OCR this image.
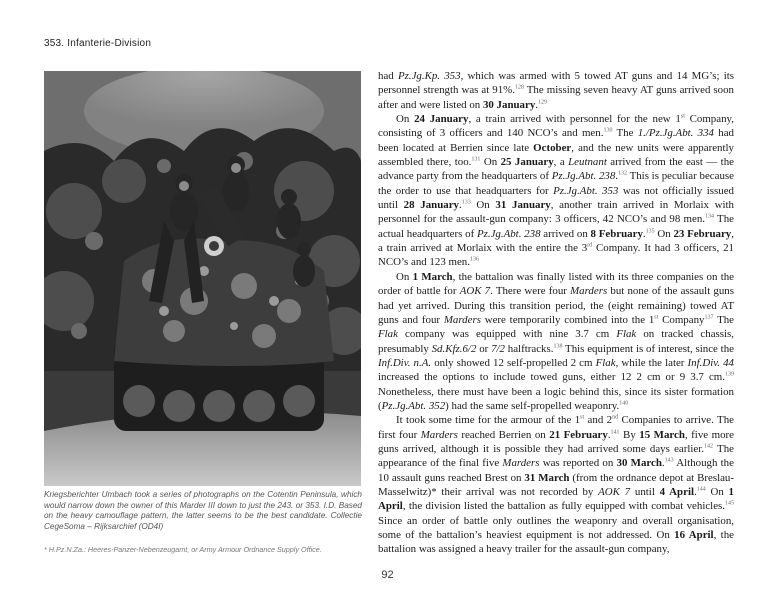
353. Infanterie-Division

Kriegsberichter Umbach took a series of photographs on the Cotentin Peninsula, which would narrow down the owner of this Marder III down to just the 243. or 353. I.D. Based on the heavy camouflage pattern, the latter seems to be the best candidate. Collectie CegeSoma – Rijksarchief (OD4I)

* H.Pz.N.Za.: Heeres-Panzer-Nebenzeugamt, or Army Armour Ordnance Supply Office.

had Pz.Jg.Kp. 353, which was armed with 5 towed AT guns and 14 MG’s; its personnel strength was at 91%.$^{128}$ The missing seven heavy AT guns arrived soon after and were listed on 30 January.$^{129}$

On 24 January, a train arrived with personnel for the new 1st Company, consisting of 3 officers and 140 NCO’s and men.$^{130}$ The 1./Pz.Jg.Abt. 334 had been located at Berrien since late October, and the new units were apparently assembled there, too.$^{131}$ On 25 January, a Leutnant arrived from the east — the advance party from the headquarters of Pz.Jg.Abt. 238.$^{132}$ This is peculiar because the order to use that headquarters for Pz.Jg.Abt. 353 was not officially issued until 28 January.$^{133}$ On 31 January, another train arrived in Morlaix with personnel for the assault-gun company: 3 officers, 42 NCO’s and 98 men.$^{134}$ The actual headquarters of Pz.Jg.Abt. 238 arrived on 8 February.$^{135}$ On 23 February, a train arrived at Morlaix with the entire the 3rd Company. It had 3 officers, 21 NCO’s and 123 men.$^{136}$

On 1 March, the battalion was finally listed with its three companies on the order of battle for AOK 7. There were four Marders but none of the assault guns had yet arrived. During this transition period, the (eight remaining) towed AT guns and four Marders were temporarily combined into the 1st Company$^{137}$ The Flak company was equipped with nine 3.7 cm Flak on tracked chassis, presumably Sd.Kfz.6/2 or 7/2 halftracks.$^{138}$ This equipment is of interest, since the Inf.Div. n.A. only showed 12 self-propelled 2 cm Flak, while the later Inf.Div. 44 increased the options to include towed guns, either 12 2 cm or 9 3.7 cm.$^{139}$ Nonetheless, there must have been a logic behind this, since its sister formation (Pz.Jg.Abt. 352) had the same self-propelled weaponry.$^{140}$

It took some time for the armour of the 1st and 2nd Companies to arrive. The first four Marders reached Berrien on 21 February.$^{141}$ By 15 March, five more guns arrived, although it is possible they had arrived some days earlier.$^{142}$ The appearance of the final five Marders was reported on 30 March.$^{143}$ Although the 10 assault guns reached Brest on 31 March (from the ordnance depot at Breslau-Masselwitz)* their arrival was not recorded by AOK 7 until 4 April.$^{144}$ On 1 April, the division listed the battalion as fully equipped with combat vehicles.$^{145}$ Since an order of battle only outlines the weaponry and overall organisation, some of the battalion’s heaviest equipment is not addressed. On 16 April, the battalion was assigned a heavy trailer for the assault-gun company,

92
